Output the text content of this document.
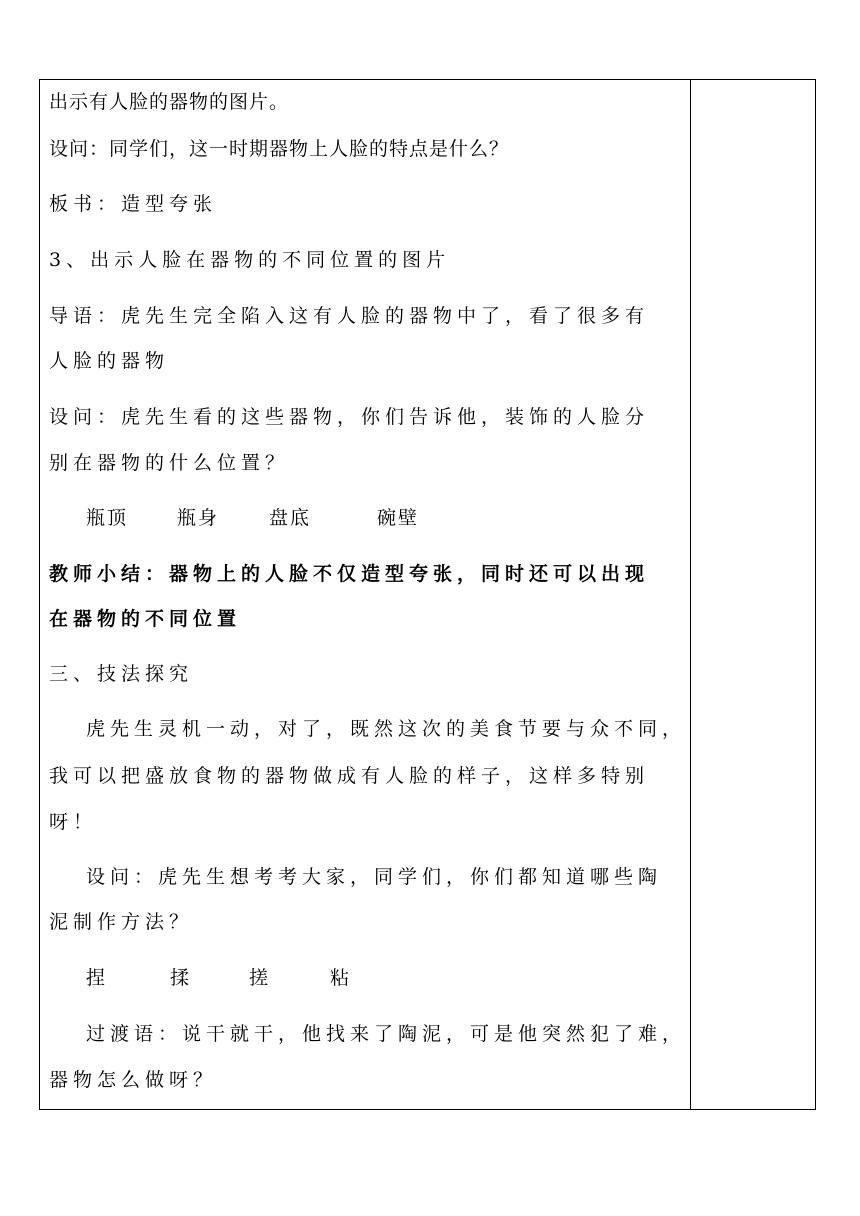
出示有人脸的器物的图片。
设问：同学们，这一时期器物上人脸的特点是什么？
板书：造型夸张
3、出示人脸在器物的不同位置的图片
导语：虎先生完全陷入这有人脸的器物中了，看了很多有
人脸的器物
设问：虎先生看的这些器物，你们告诉他，装饰的人脸分
别在器物的什么位置？
瓶顶	瓶身	盘底	碗壁
教师小结：器物上的人脸不仅造型夸张，同时还可以出现
在器物的不同位置
三、技法探究
虎先生灵机一动，对了，既然这次的美食节要与众不同，
我可以把盛放食物的器物做成有人脸的样子，这样多特别
呀！
设问：虎先生想考考大家，同学们，你们都知道哪些陶
泥制作方法？
捏	揉	搓	粘
过渡语：说干就干，他找来了陶泥，可是他突然犯了难，
器物怎么做呀？
